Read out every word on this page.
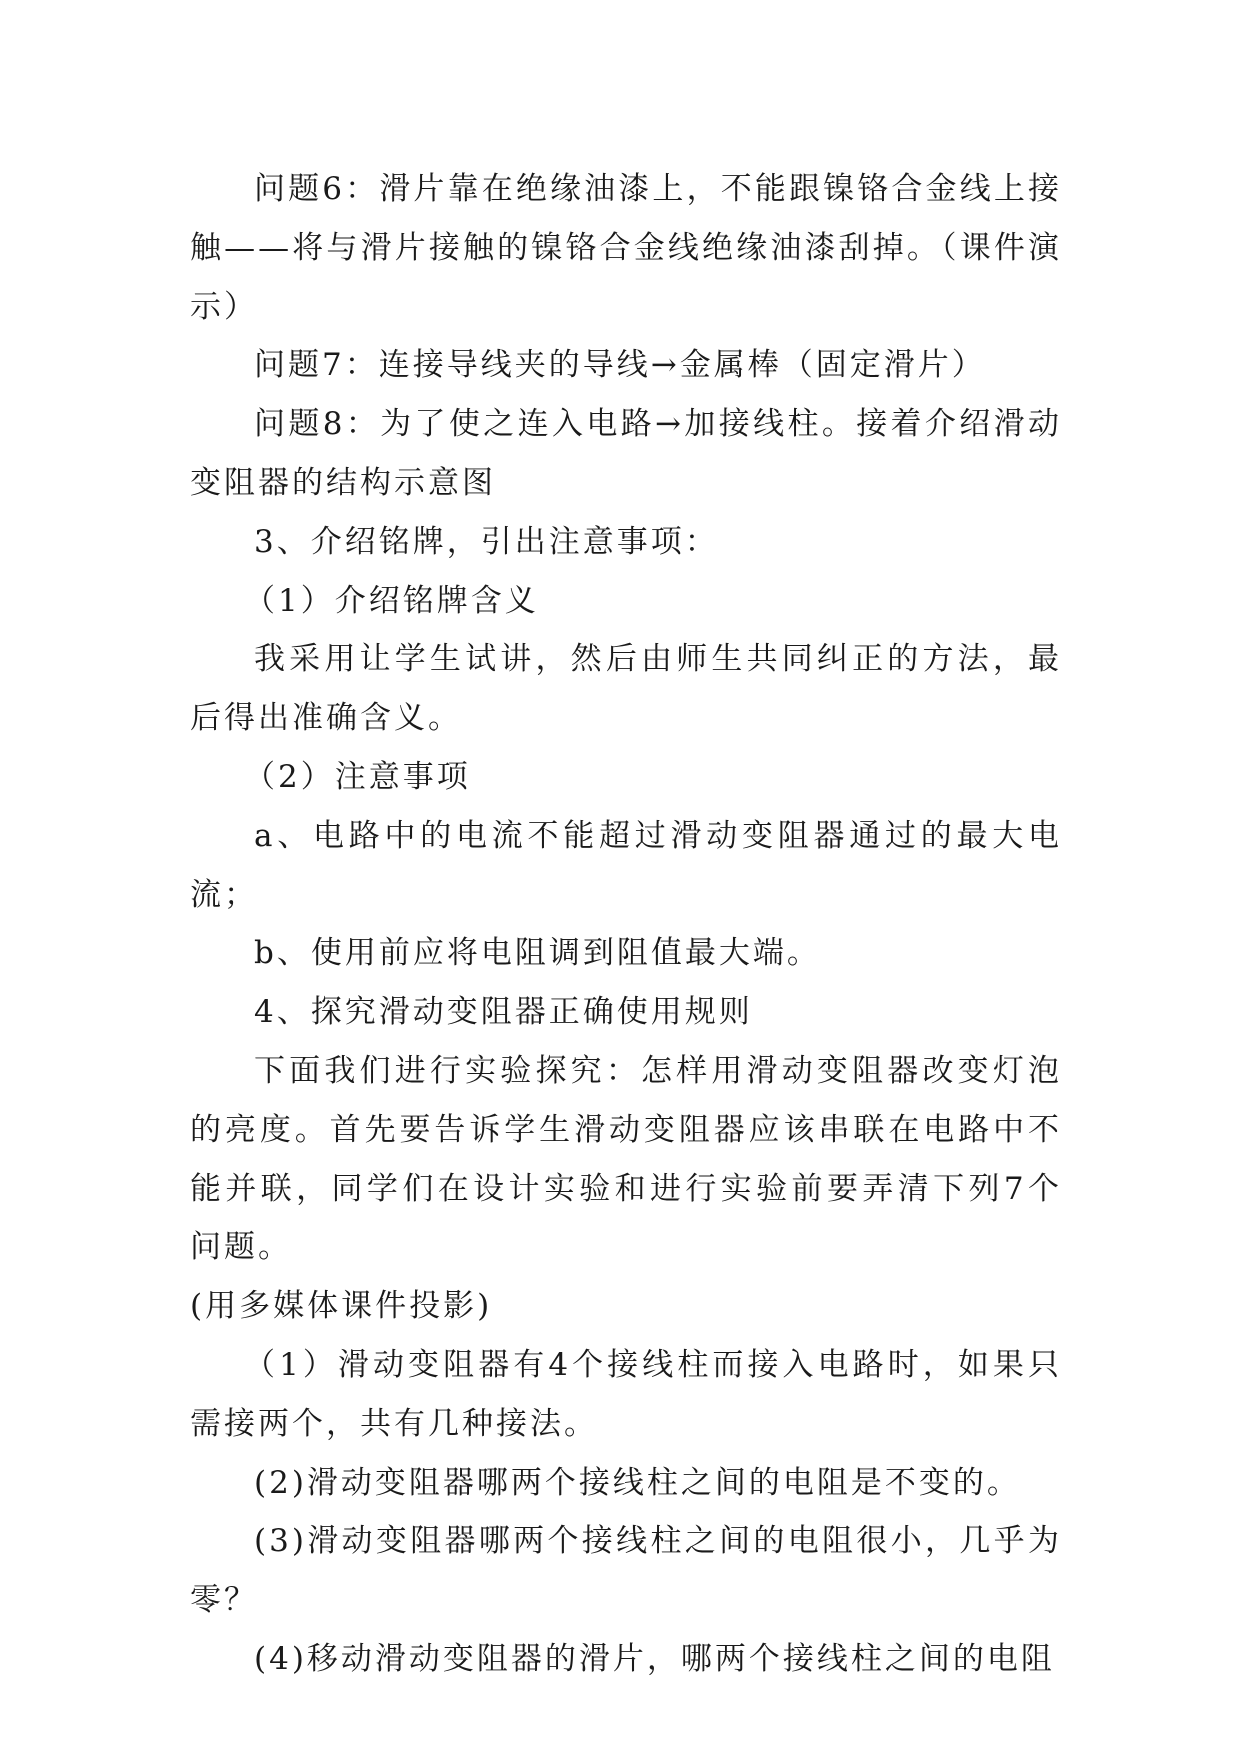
问题6：滑片靠在绝缘油漆上，不能跟镍铬合金线上接触——将与滑片接触的镍铬合金线绝缘油漆刮掉。（课件演示）

问题7：连接导线夹的导线→金属棒（固定滑片）

问题8：为了使之连入电路→加接线柱。接着介绍滑动变阻器的结构示意图

3、介绍铭牌，引出注意事项：

（1）介绍铭牌含义

我采用让学生试讲，然后由师生共同纠正的方法，最后得出准确含义。

（2）注意事项

a、电路中的电流不能超过滑动变阻器通过的最大电流；

b、使用前应将电阻调到阻值最大端。

4、探究滑动变阻器正确使用规则

下面我们进行实验探究：怎样用滑动变阻器改变灯泡的亮度。首先要告诉学生滑动变阻器应该串联在电路中不能并联，同学们在设计实验和进行实验前要弄清下列7个问题。

(用多媒体课件投影)

（1）滑动变阻器有4个接线柱而接入电路时，如果只需接两个，共有几种接法。

(2)滑动变阻器哪两个接线柱之间的电阻是不变的。

(3)滑动变阻器哪两个接线柱之间的电阻很小，几乎为零？

(4)移动滑动变阻器的滑片，哪两个接线柱之间的电阻
